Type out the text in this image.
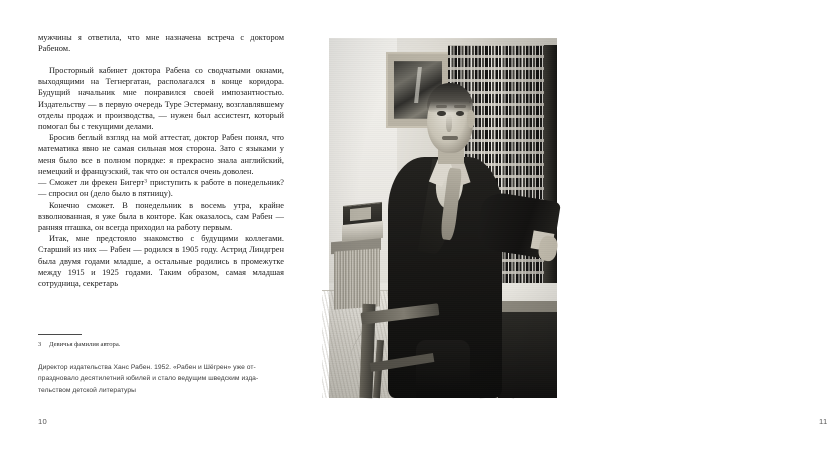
мужчины я ответила, что мне назначена встреча с доктором Рабеном.

Просторный кабинет доктора Рабена со сводчатыми окнами, выходящими на Тегнергатан, располагался в конце коридора. Будущий начальник мне понравился своей импозантностью. Издательству — в первую очередь Туре Эстерману, возглавлявшему отделы продаж и производства, — нужен был ассистент, который помогал бы с текущими делами.

Бросив беглый взгляд на мой аттестат, доктор Рабен понял, что математика явно не самая сильная моя сторона. Зато с языками у меня было все в полном порядке: я прекрасно знала английский, немецкий и французский, так что он остался очень доволен.

— Сможет ли фрекен Бигерт$^3$ приступить к работе в понедельник? — спросил он (дело было в пятницу).

Конечно сможет. В понедельник в восемь утра, крайне взволнованная, я уже была в конторе. Как оказалось, сам Рабен — ранняя пташка, он всегда приходил на работу первым.

Итак, мне предстояло знакомство с будущими коллегами. Старший из них — Рабен — родился в 1905 году. Астрид Линдгрен была двумя годами младше, а остальные родились в промежутке между 1915 и 1925 годами. Таким образом, самая младшая сотрудница, секретарь

3	Девичья фамилия автора.
Директор издательства Ханс Рабен. 1952. «Рабен и Шёгрен» уже отпраздновало десятилетний юбилей и стало ведущим шведским издательством детской литературы
10	11
